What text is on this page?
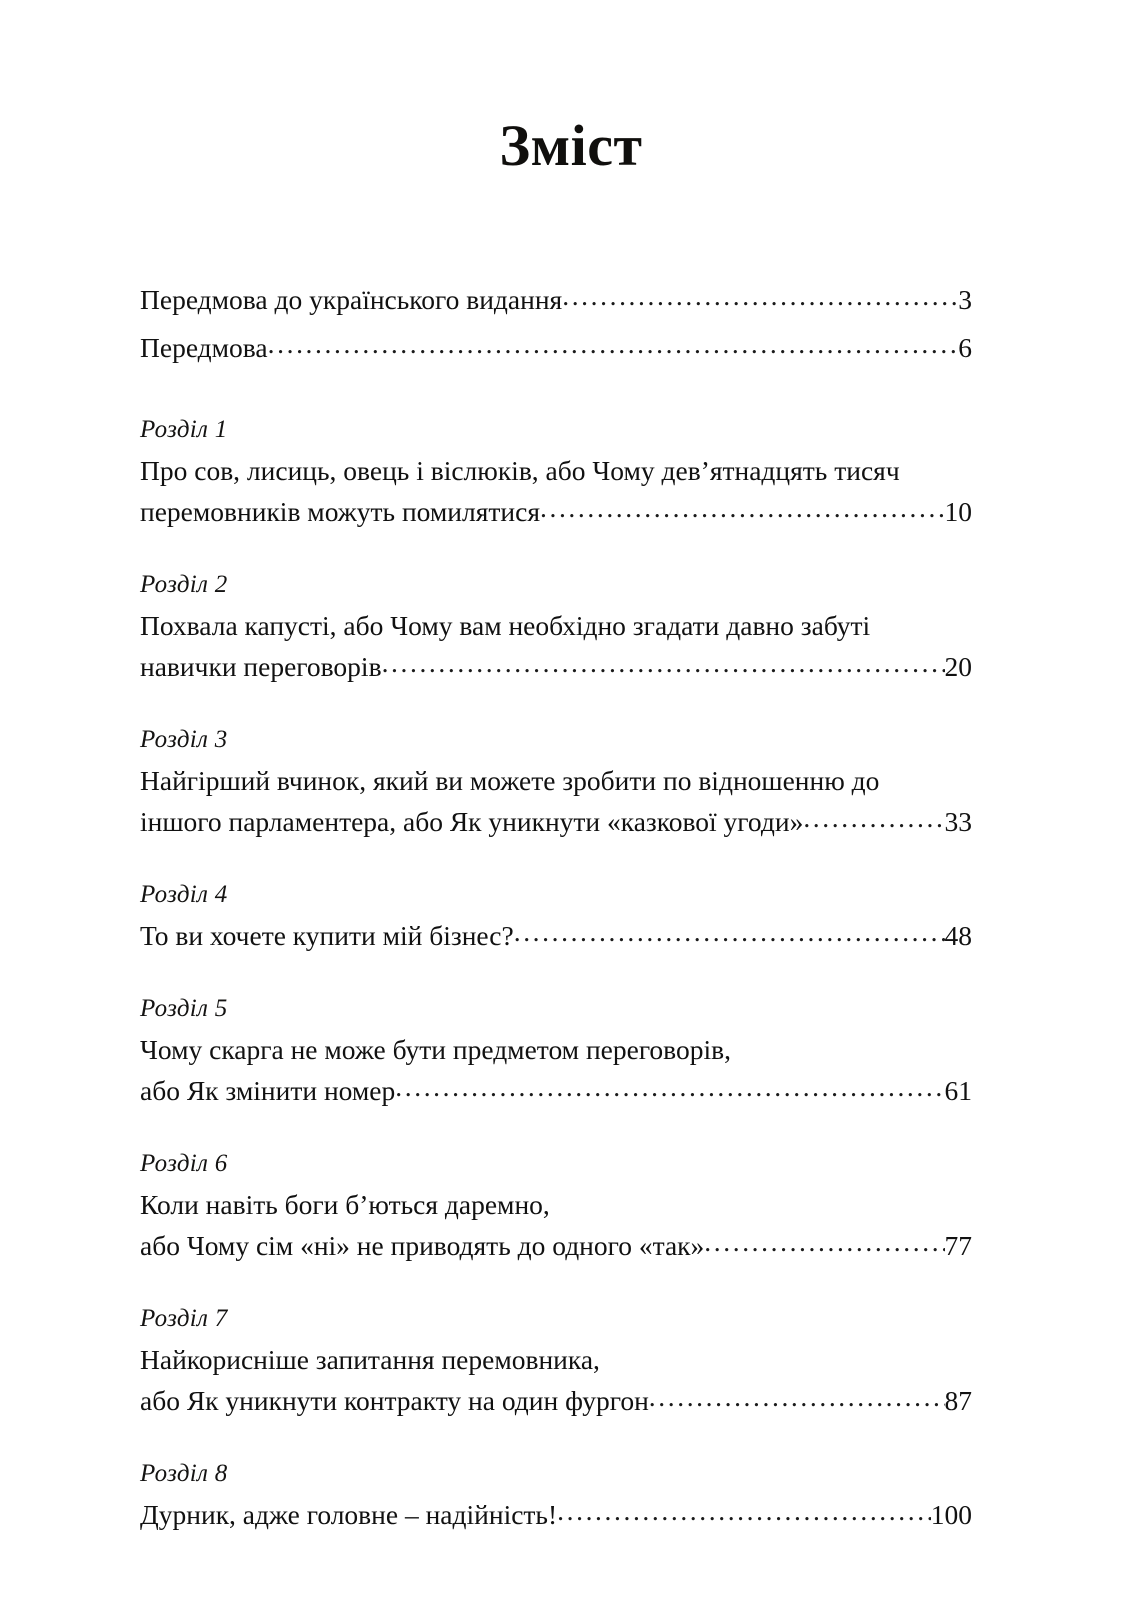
Зміст
Передмова до українського видання .....	3
Передмова .....	6
Розділ 1
Про сов, лисиць, овець і віслюків, або Чому дев’ятнадцять тисяч
перемовників можуть помилятися .....	10
Розділ 2
Похвала капусті, або Чому вам необхідно згадати давно забуті
навички переговорів .....	20
Розділ 3
Найгірший вчинок, який ви можете зробити по відношенню до
іншого парламентера, або Як уникнути «казкової угоди» .....	33
Розділ 4
То ви хочете купити мій бізнес? .....	48
Розділ 5
Чому скарга не може бути предметом переговорів,
або Як змінити номер .....	61
Розділ 6
Коли навіть боги б’ються даремно,
або Чому сім «ні» не приводять до одного «так» .....	77
Розділ 7
Найкорисніше запитання перемовника,
або Як уникнути контракту на один фургон .....	87
Розділ 8
Дурник, адже головне – надійність! .....	100
